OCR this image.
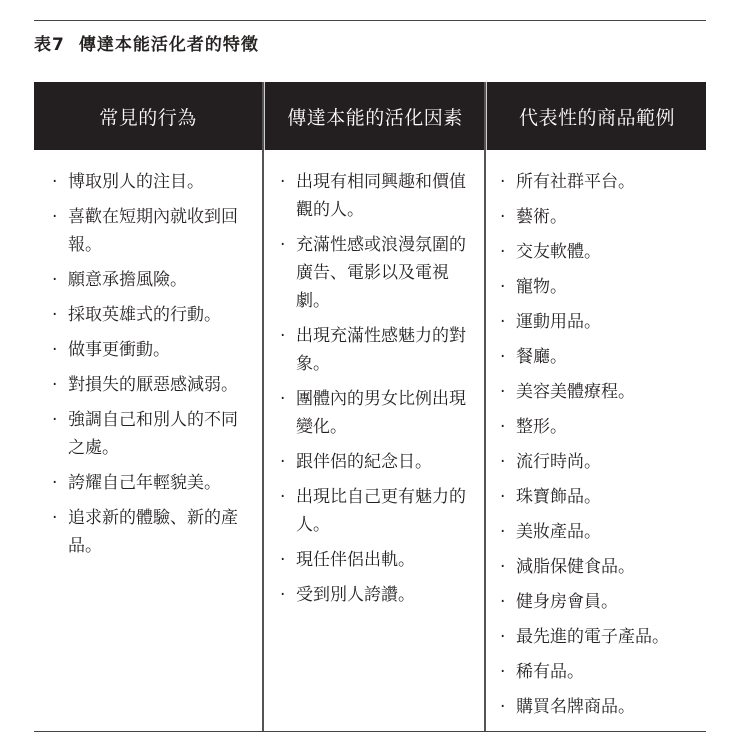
表7 傳達本能活化者的特徵
常見的行為	傳達本能的活化因素	代表性的商品範例
· 博取別人的注目。
· 喜歡在短期內就收到回報。
· 願意承擔風險。
· 採取英雄式的行動。
· 做事更衝動。
· 對損失的厭惡感減弱。
· 強調自己和別人的不同之處。
· 誇耀自己年輕貌美。
· 追求新的體驗、新的產品。
· 出現有相同興趣和價值觀的人。
· 充滿性感或浪漫氛圍的廣告、電影以及電視劇。
· 出現充滿性感魅力的對象。
· 團體內的男女比例出現變化。
· 跟伴侶的紀念日。
· 出現比自己更有魅力的人。
· 現任伴侶出軌。
· 受到別人誇讚。
· 所有社群平台。
· 藝術。
· 交友軟體。
· 寵物。
· 運動用品。
· 餐廳。
· 美容美體療程。
· 整形。
· 流行時尚。
· 珠寶飾品。
· 美妝產品。
· 減脂保健食品。
· 健身房會員。
· 最先進的電子產品。
· 稀有品。
· 購買名牌商品。
